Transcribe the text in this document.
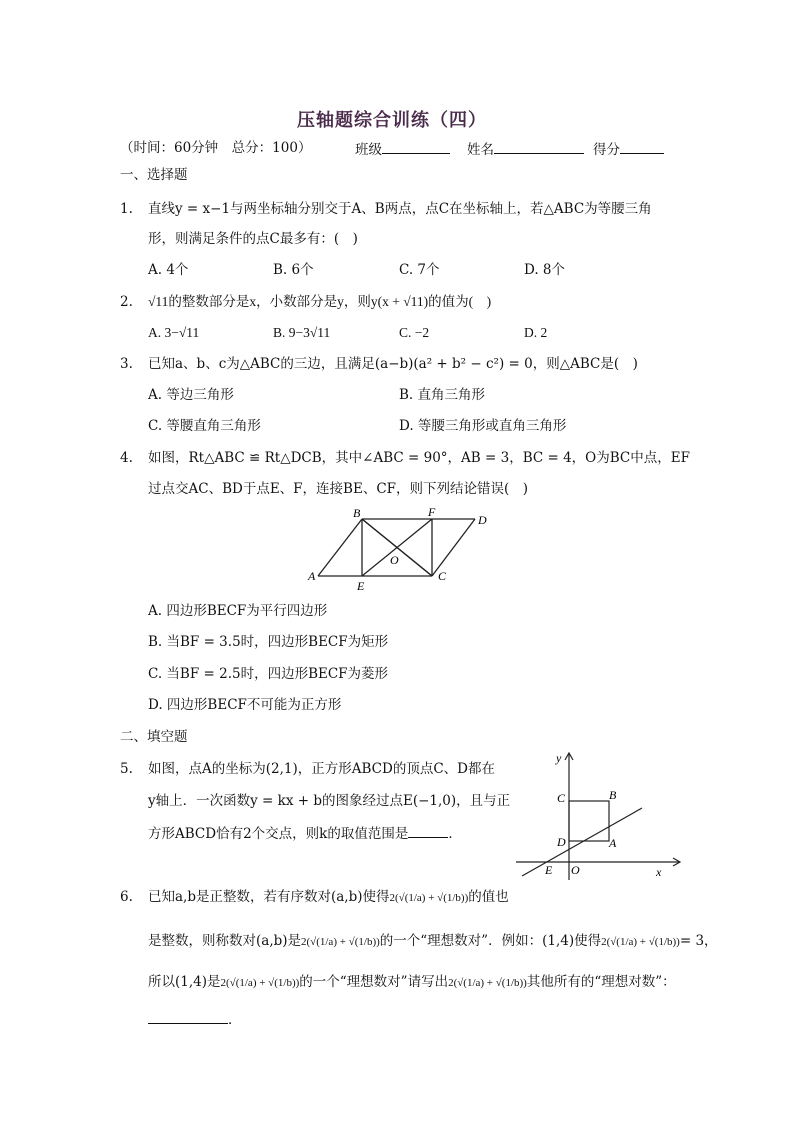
压轴题综合训练（四）
（时间：60分钟　总分：100）	班级	姓名	得分
一、选择题
1. 直线y = x−1与两坐标轴分别交于A、B两点，点C在坐标轴上，若△ABC为等腰三角
形，则满足条件的点C最多有：(　)
A. 4个	B. 6个	C. 7个	D. 8个
2. √11的整数部分是x，小数部分是y，则y(x + √11)的值为(　)
A. 3−√11	B. 9−3√11	C. −2	D. 2
3. 已知a、b、c为△ABC的三边，且满足(a−b)(a² + b² − c²) = 0，则△ABC是(　)
A. 等边三角形	B. 直角三角形
C. 等腰直角三角形	D. 等腰三角形或直角三角形
4. 如图，Rt△ABC ≌ Rt△DCB，其中∠ABC = 90°，AB = 3，BC = 4，O为BC中点，EF
过点交AC、BD于点E、F，连接BE、CF，则下列结论错误(　)
B	F
D
A
E
O
C
A. 四边形BECF为平行四边形
B. 当BF = 3.5时，四边形BECF为矩形
C. 当BF = 2.5时，四边形BECF为菱形
D. 四边形BECF不可能为正方形
二、填空题
5. 如图，点A的坐标为(2,1)，正方形ABCD的顶点C、D都在
y轴上．一次函数y = kx + b的图象经过点E(−1,0)，且与正
方形ABCD恰有2个交点，则k的取值范围是	．
y
x
B
C
D	A
E O
6. 已知a,b是正整数，若有序数对(a,b)使得2(√(1/a) + √(1/b))的值也
是整数，则称数对(a,b)是2(√(1/a) + √(1/b))的一个“理想数对”．例如：(1,4)使得2(√(1/a) + √(1/b))= 3，
所以(1,4)是2(√(1/a) + √(1/b))的一个“理想数对”请写出2(√(1/a) + √(1/b))其他所有的“理想对数”：
．
